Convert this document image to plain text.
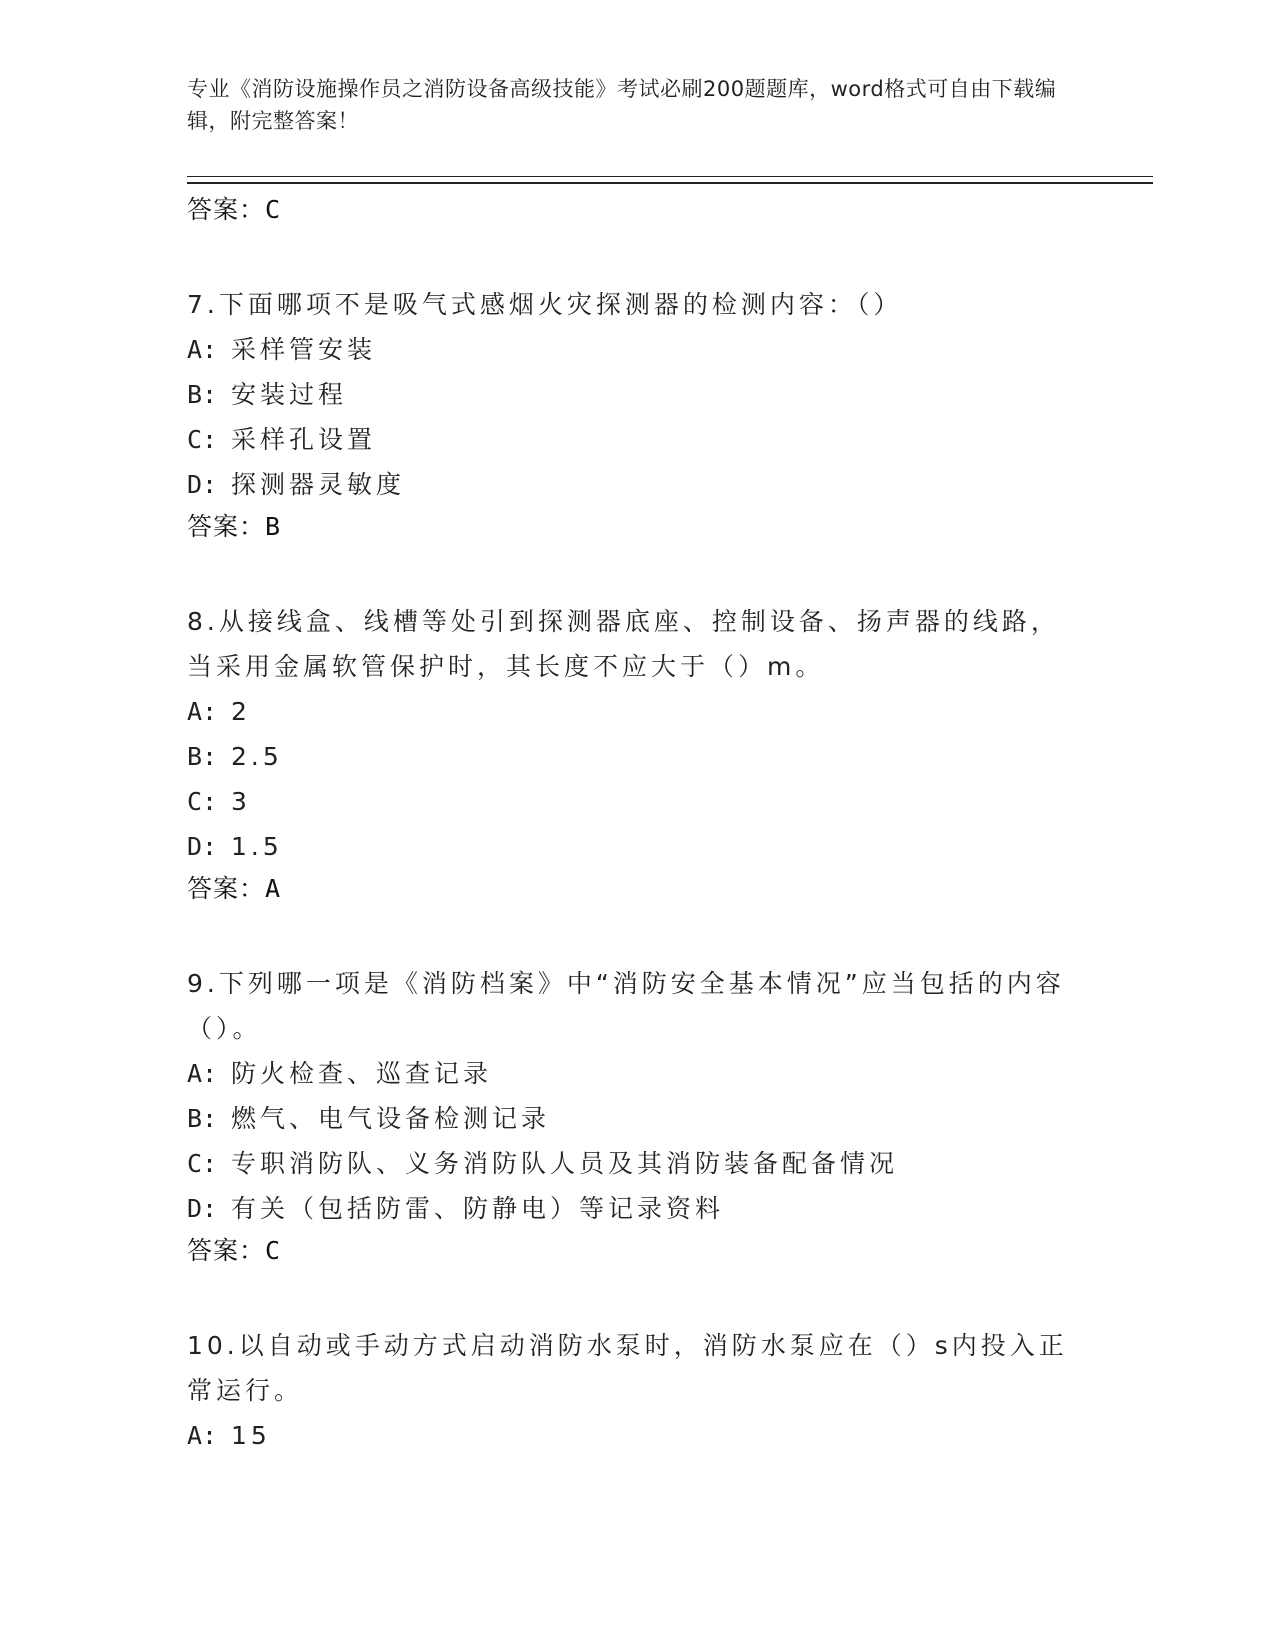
专业《消防设施操作员之消防设备高级技能》考试必刷200题题库，word格式可自由下载编辑，附完整答案！
答案：C
7.下面哪项不是吸气式感烟火灾探测器的检测内容：（）
A: 采样管安装
B: 安装过程
C: 采样孔设置
D: 探测器灵敏度
答案：B
8.从接线盒、线槽等处引到探测器底座、控制设备、扬声器的线路，当采用金属软管保护时，其长度不应大于（）m。
A: 2
B: 2.5
C: 3
D: 1.5
答案：A
9.下列哪一项是《消防档案》中“消防安全基本情况”应当包括的内容（）。
A: 防火检查、巡查记录
B: 燃气、电气设备检测记录
C: 专职消防队、义务消防队人员及其消防装备配备情况
D: 有关（包括防雷、防静电）等记录资料
答案：C
10.以自动或手动方式启动消防水泵时，消防水泵应在（）s内投入正常运行。
A: 15
